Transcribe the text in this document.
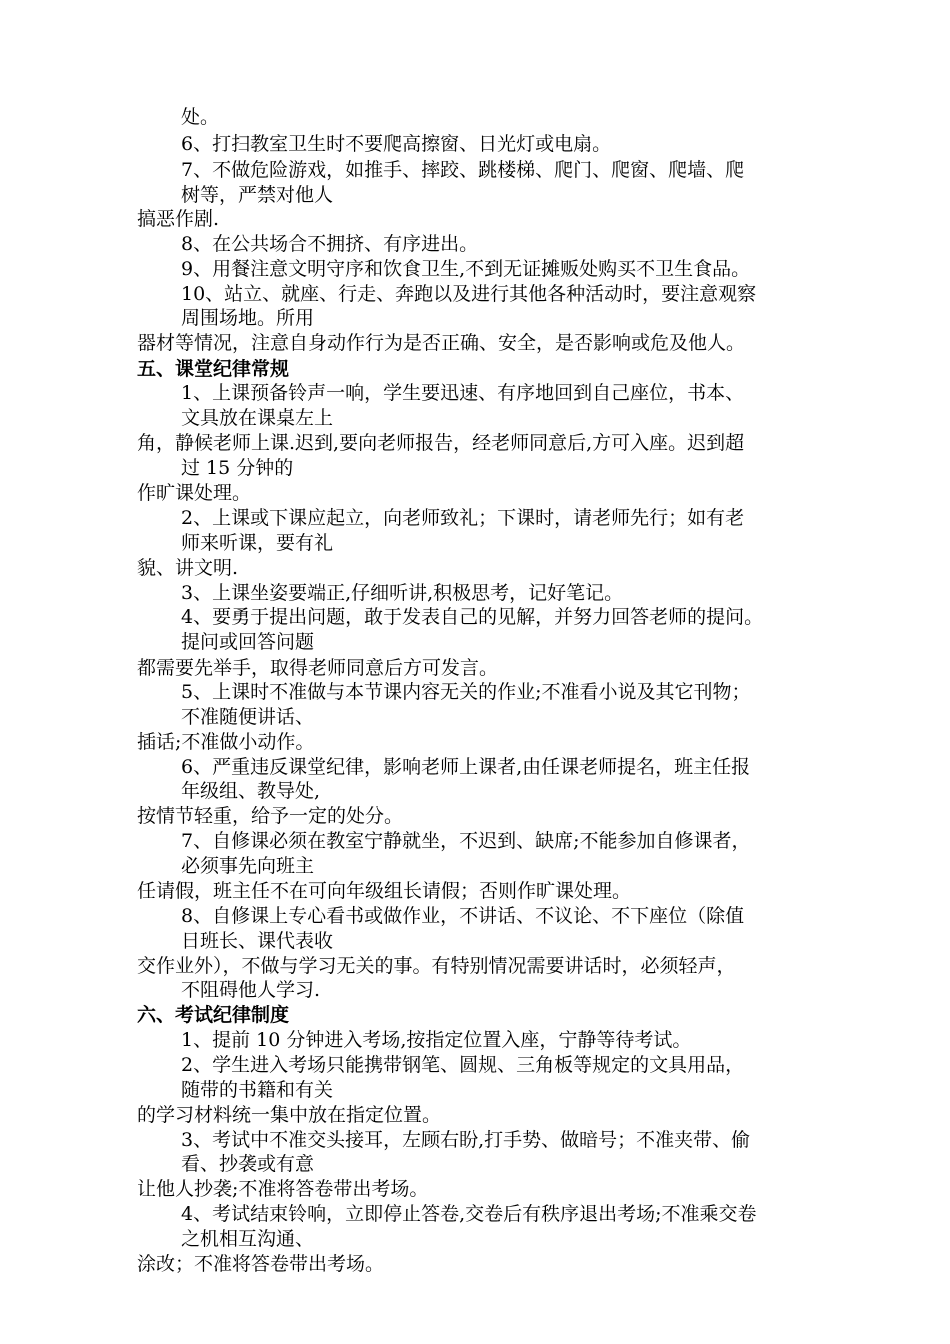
处。
6、打扫教室卫生时不要爬高擦窗、日光灯或电扇。
7、不做危险游戏，如推手、摔跤、跳楼梯、爬门、爬窗、爬墙、爬
树等，严禁对他人
搞恶作剧.
8、在公共场合不拥挤、有序进出。
9、用餐注意文明守序和饮食卫生,不到无证摊贩处购买不卫生食品。
10、站立、就座、行走、奔跑以及进行其他各种活动时，要注意观察
周围场地。所用
器材等情况，注意自身动作行为是否正确、安全，是否影响或危及他人。
五、课堂纪律常规
1、上课预备铃声一响，学生要迅速、有序地回到自己座位，书本、
文具放在课桌左上
角，静候老师上课.迟到,要向老师报告，经老师同意后,方可入座。迟到超
过 15 分钟的
作旷课处理。
2、上课或下课应起立，向老师致礼；下课时，请老师先行；如有老
师来听课，要有礼
貌、讲文明.
3、上课坐姿要端正,仔细听讲,积极思考，记好笔记。
4、要勇于提出问题，敢于发表自己的见解，并努力回答老师的提问。
提问或回答问题
都需要先举手，取得老师同意后方可发言。
5、上课时不准做与本节课内容无关的作业;不准看小说及其它刊物；
不准随便讲话、
插话;不准做小动作。
6、严重违反课堂纪律，影响老师上课者,由任课老师提名，班主任报
年级组、教导处,
按情节轻重，给予一定的处分。
7、自修课必须在教室宁静就坐，不迟到、缺席;不能参加自修课者，
必须事先向班主
任请假，班主任不在可向年级组长请假；否则作旷课处理。
8、自修课上专心看书或做作业，不讲话、不议论、不下座位（除值
日班长、课代表收
交作业外），不做与学习无关的事。有特别情况需要讲话时，必须轻声，
不阻碍他人学习.
六、考试纪律制度
1、提前 10 分钟进入考场,按指定位置入座，宁静等待考试。
2、学生进入考场只能携带钢笔、圆规、三角板等规定的文具用品，
随带的书籍和有关
的学习材料统一集中放在指定位置。
3、考试中不准交头接耳，左顾右盼,打手势、做暗号；不准夹带、偷
看、抄袭或有意
让他人抄袭;不准将答卷带出考场。
4、考试结束铃响，立即停止答卷,交卷后有秩序退出考场;不准乘交卷
之机相互沟通、
涂改；不准将答卷带出考场。
